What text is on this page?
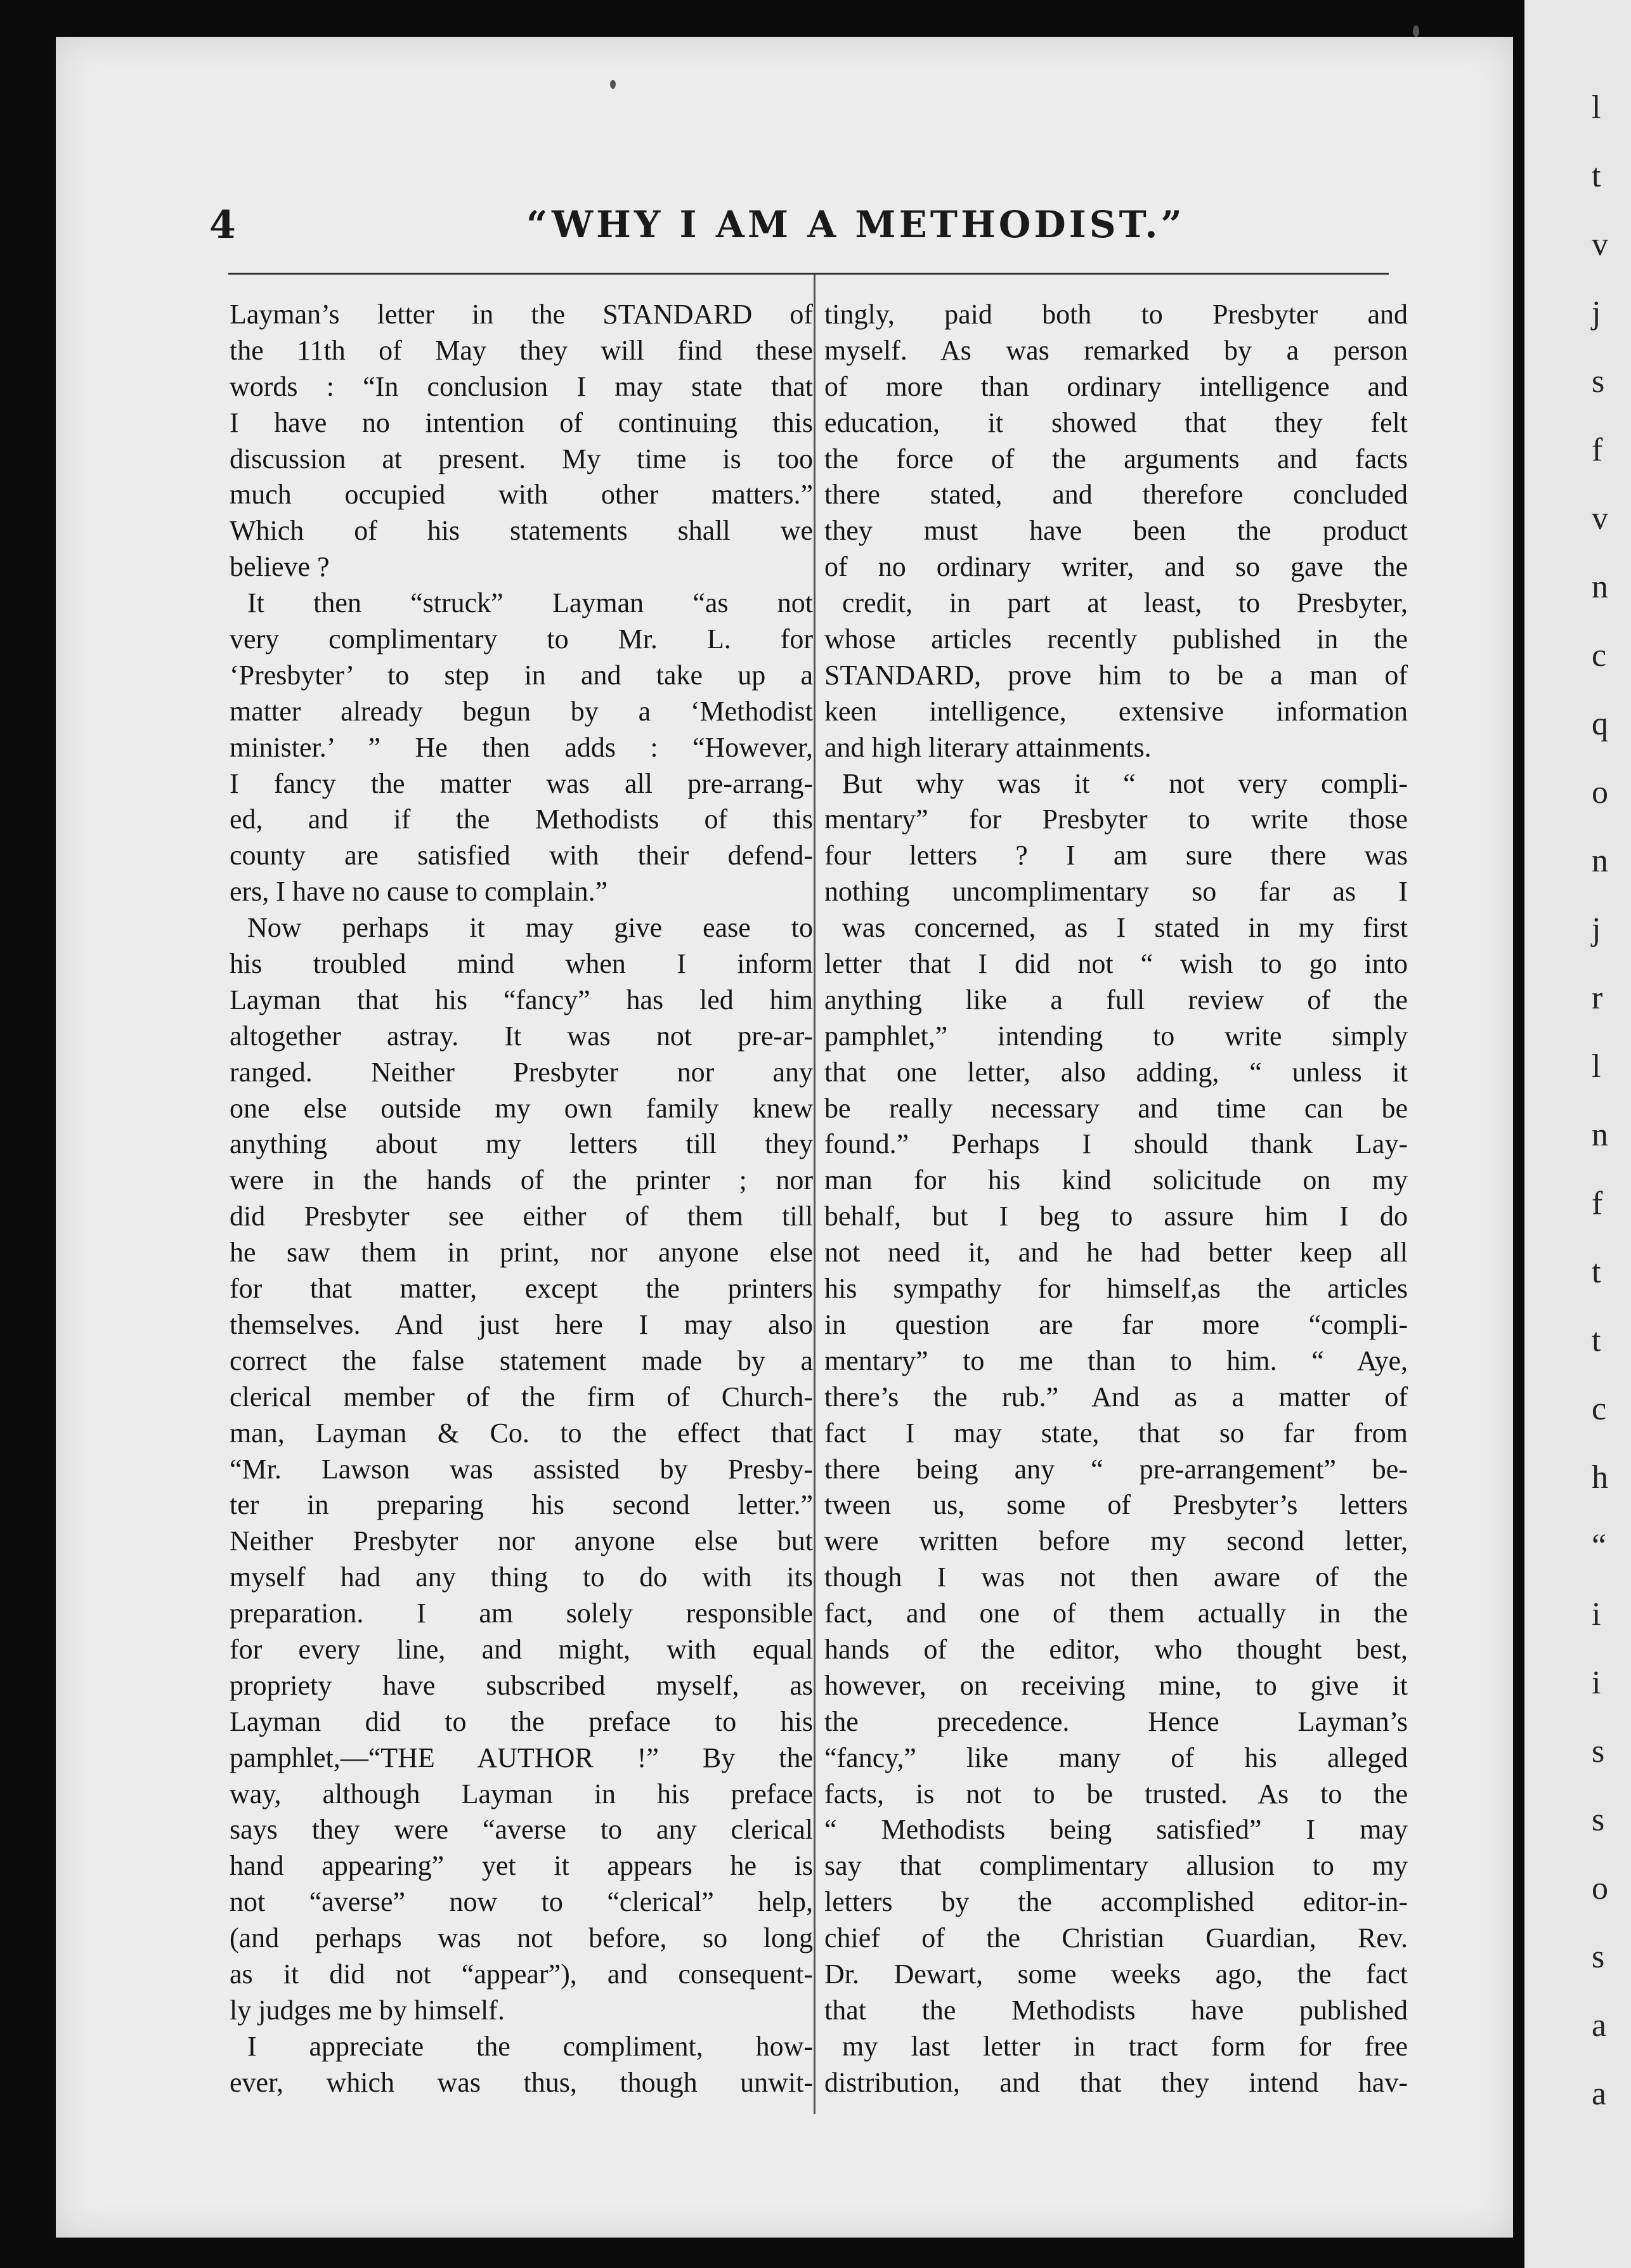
l
t
v
j
s
f
v
n
c
q
o
n
j
r
l
n
f
t
t
c
h
“
i
i
s
s
o
s
a
a
4	“WHY I AM A METHODIST.”
Layman’s letter in the STANDARD of
the 11th of May they will find these
words : “In conclusion I may state that
I have no intention of continuing this
discussion at present. My time is too
much occupied with other matters.”
Which of his statements shall we
believe ?
It then “struck” Layman “as not
very complimentary to Mr. L. for
‘Presbyter’ to step in and take up a
matter already begun by a ‘Methodist
minister.’ ” He then adds : “However,
I fancy the matter was all pre-arrang-
ed, and if the Methodists of this
county are satisfied with their defend-
ers, I have no cause to complain.”
Now perhaps it may give ease to
his troubled mind when I inform
Layman that his “fancy” has led him
altogether astray. It was not pre-ar-
ranged. Neither Presbyter nor any
one else outside my own family knew
anything about my letters till they
were in the hands of the printer ; nor
did Presbyter see either of them till
he saw them in print, nor anyone else
for that matter, except the printers
themselves. And just here I may also
correct the false statement made by a
clerical member of the firm of Church-
man, Layman & Co. to the effect that
“Mr. Lawson was assisted by Presby-
ter in preparing his second letter.”
Neither Presbyter nor anyone else but
myself had any thing to do with its
preparation. I am solely responsible
for every line, and might, with equal
propriety have subscribed myself, as
Layman did to the preface to his
pamphlet,—“THE AUTHOR !” By the
way, although Layman in his preface
says they were “averse to any clerical
hand appearing” yet it appears he is
not “averse” now to “clerical” help,
(and perhaps was not before, so long
as it did not “appear”), and consequent-
ly judges me by himself.
I appreciate the compliment, how-
ever, which was thus, though unwit-
tingly, paid both to Presbyter and
myself. As was remarked by a person
of more than ordinary intelligence and
education, it showed that they felt
the force of the arguments and facts
there stated, and therefore concluded
they must have been the product
of no ordinary writer, and so gave the
credit, in part at least, to Presbyter,
whose articles recently published in the
STANDARD, prove him to be a man of
keen intelligence, extensive information
and high literary attainments.
But why was it “ not very compli-
mentary” for Presbyter to write those
four letters ? I am sure there was
nothing uncomplimentary so far as I
was concerned, as I stated in my first
letter that I did not “ wish to go into
anything like a full review of the
pamphlet,” intending to write simply
that one letter, also adding, “ unless it
be really necessary and time can be
found.” Perhaps I should thank Lay-
man for his kind solicitude on my
behalf, but I beg to assure him I do
not need it, and he had better keep all
his sympathy for himself,as the articles
in question are far more “compli-
mentary” to me than to him. “ Aye,
there’s the rub.” And as a matter of
fact I may state, that so far from
there being any “ pre-arrangement” be-
tween us, some of Presbyter’s letters
were written before my second letter,
though I was not then aware of the
fact, and one of them actually in the
hands of the editor, who thought best,
however, on receiving mine, to give it
the precedence. Hence Layman’s
“fancy,” like many of his alleged
facts, is not to be trusted. As to the
“ Methodists being satisfied” I may
say that complimentary allusion to my
letters by the accomplished editor-in-
chief of the Christian Guardian, Rev.
Dr. Dewart, some weeks ago, the fact
that the Methodists have published
my last letter in tract form for free
distribution, and that they intend hav-
